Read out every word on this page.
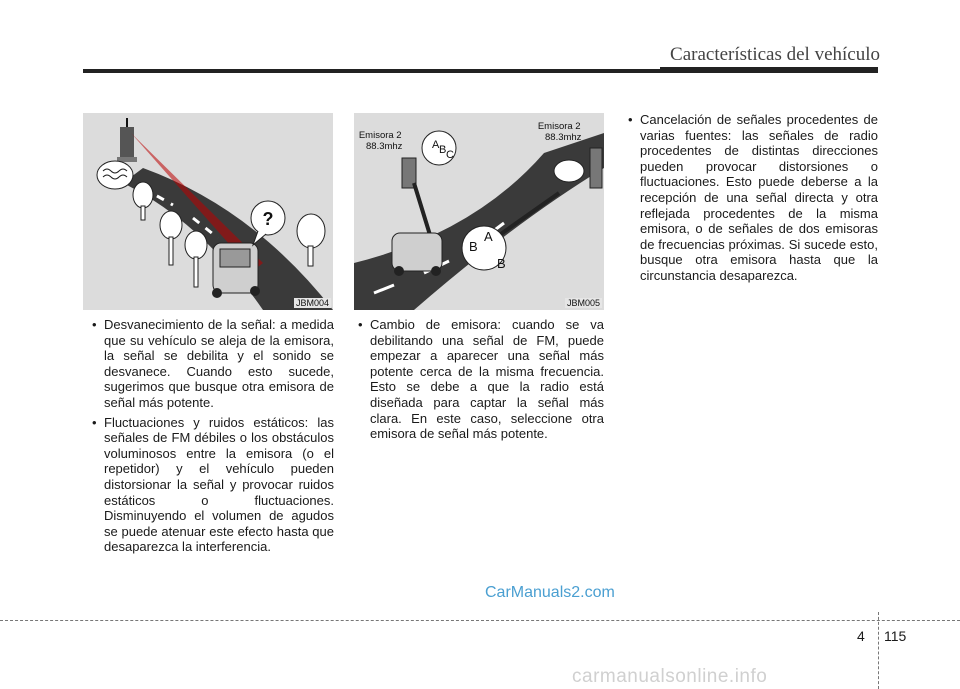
Características del vehículo
?
JBM004
A B C
A
B
B
Emisora 2
88.3mhz
Emisora 2
88.3mhz
JBM005
• Desvanecimiento de la señal: a medida que su vehículo se aleja de la emisora, la señal se debilita y el sonido se desvanece. Cuando esto sucede, sugerimos que busque otra emisora de señal más potente.
• Fluctuaciones y ruidos estáticos: las señales de FM débiles o los obstáculos voluminosos entre la emisora (o el repetidor) y el vehículo pueden distorsionar la señal y provocar ruidos estáticos o fluctuaciones. Disminuyendo el volumen de agudos se puede atenuar este efecto hasta que desaparezca la interferencia.
• Cambio de emisora: cuando se va debilitando una señal de FM, puede empezar a aparecer una señal más potente cerca de la misma frecuencia. Esto se debe a que la radio está diseñada para captar la señal más clara. En este caso, seleccione otra emisora de señal más potente.
• Cancelación de señales procedentes de varias fuentes: las señales de radio procedentes de distintas direcciones pueden provocar distorsiones o fluctuaciones. Esto puede deberse a la recepción de una señal directa y otra reflejada procedentes de la misma emisora, o de señales de dos emisoras de frecuencias próximas. Si sucede esto, busque otra emisora hasta que la circunstancia desaparezca.
CarManuals2.com
4 115
carmanualsonline.info
